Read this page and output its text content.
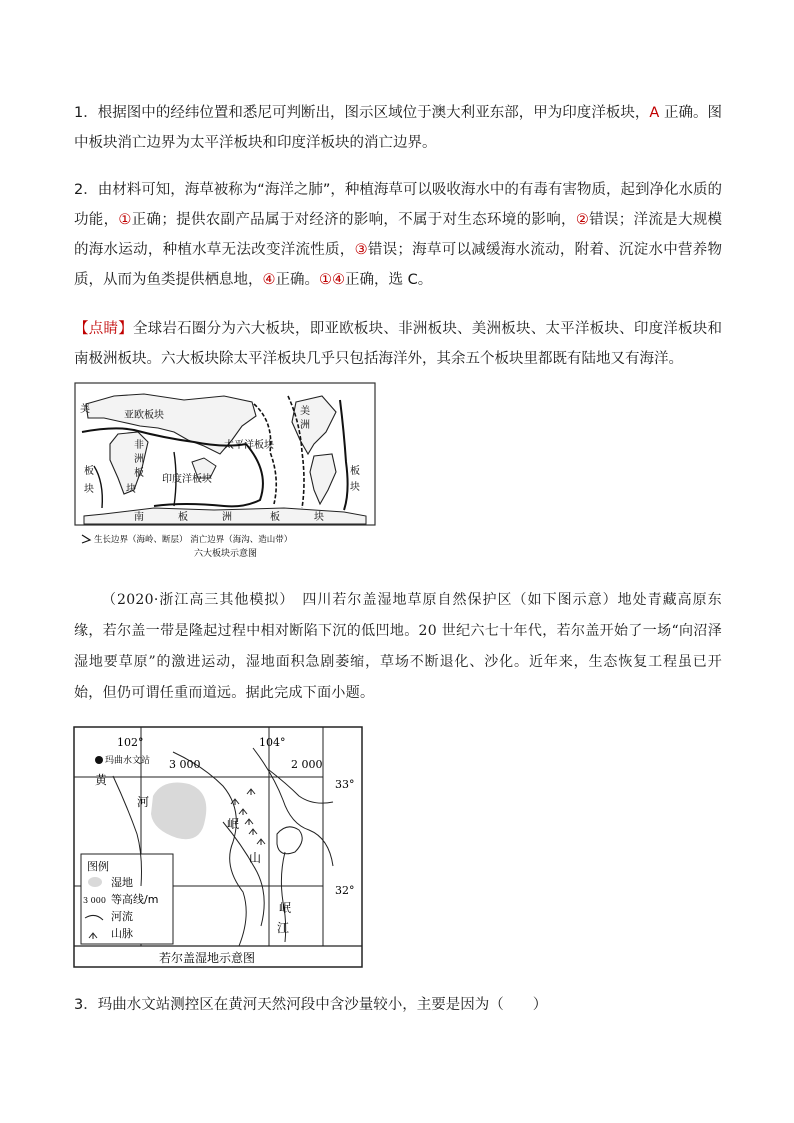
1．根据图中的经纬位置和悉尼可判断出，图示区域位于澳大利亚东部，甲为印度洋板块，A 正确。图中板块消亡边界为太平洋板块和印度洋板块的消亡边界。

2．由材料可知，海草被称为“海洋之肺”，种植海草可以吸收海水中的有毒有害物质，起到净化水质的功能，①正确；提供农副产品属于对经济的影响，不属于对生态环境的影响，②错误；洋流是大规模的海水运动，种植水草无法改变洋流性质，③错误；海草可以减缓海水流动，附着、沉淀水中营养物质，从而为鱼类提供栖息地，④正确。①④正确，选 C。

【点睛】全球岩石圈分为六大板块，即亚欧板块、非洲板块、美洲板块、太平洋板块、印度洋板块和南极洲板块。六大板块除太平洋板块几乎只包括海洋外，其余五个板块里都既有陆地又有海洋。

亚欧板块
太平洋板块
印度洋板块
非
洲
板
块
美
洲
美
板
块
板
块
南	板	洲	板	块
生长边界（海岭、断层） 消亡边界（海沟、造山带）
六大板块示意图

（2020·浙江高三其他模拟）　 四川若尔盖湿地草原自然保护区（如下图示意）地处青藏高原东缘，若尔盖一带是隆起过程中相对断陷下沉的低凹地。20 世纪六七十年代，若尔盖开始了一场“向沼泽湿地要草原”的激进运动，湿地面积急剧萎缩，草场不断退化、沙化。近年来，生态恢复工程虽已开始，但仍可谓任重而道远。据此完成下面小题。

玛曲水文站
102°	104°
33°
32°
3 000	2 000
黄
河
岷
山
岷
江
图例
湿地
3 000 等高线/m
河流
山脉
若尔盖湿地示意图

3．玛曲水文站测控区在黄河天然河段中含沙量较小，主要是因为（　　）
